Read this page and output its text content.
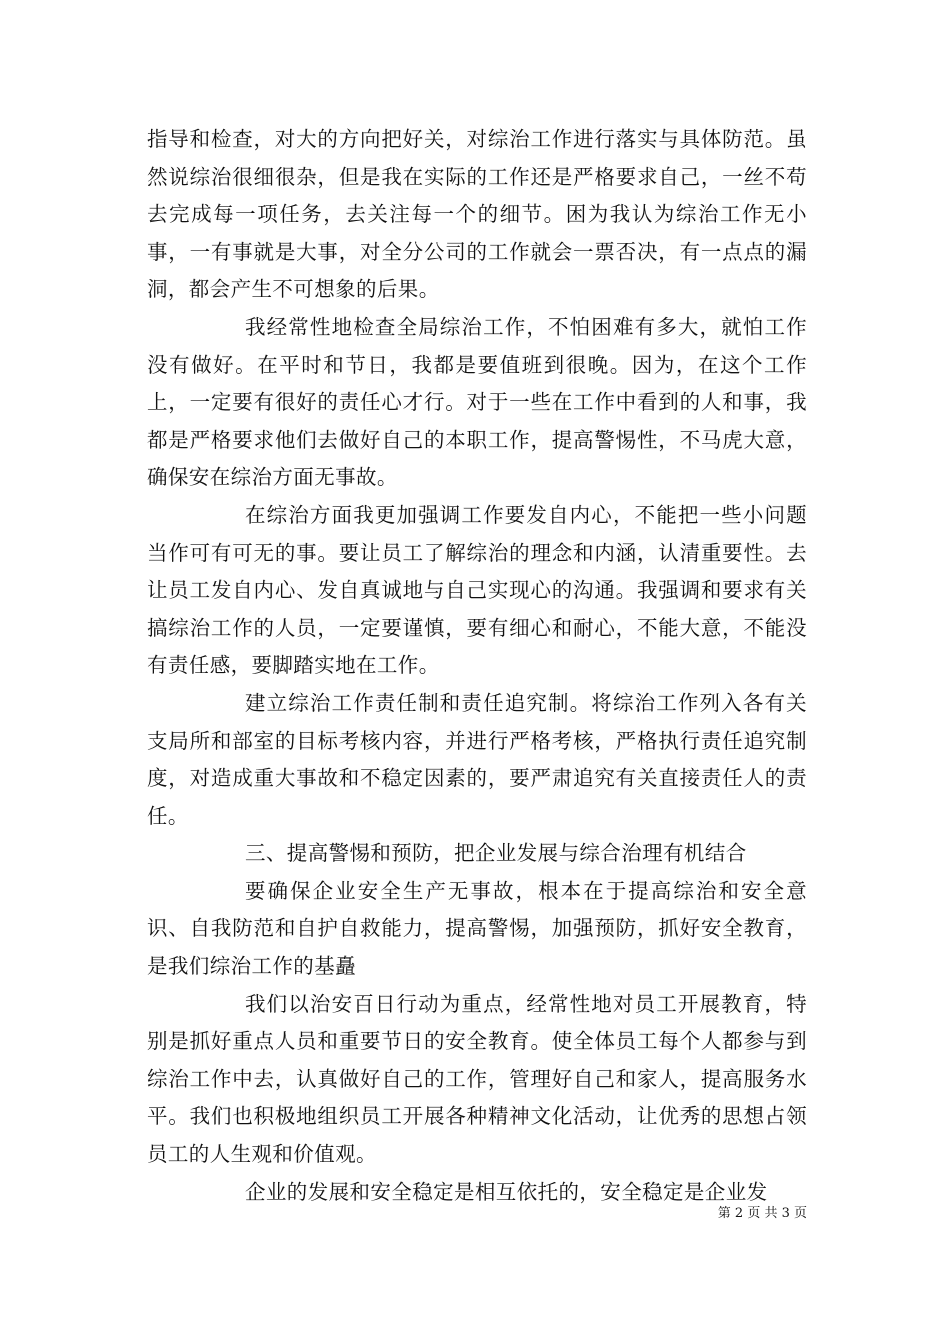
指导和检查，对大的方向把好关，对综治工作进行落实与具体防范。虽然说综治很细很杂，但是我在实际的工作还是严格要求自己，一丝不苟去完成每一项任务，去关注每一个的细节。困为我认为综治工作无小事，一有事就是大事，对全分公司的工作就会一票否决，有一点点的漏洞，都会产生不可想象的后果。

我经常性地检查全局综治工作，不怕困难有多大，就怕工作没有做好。在平时和节日，我都是要值班到很晚。因为，在这个工作上，一定要有很好的责任心才行。对于一些在工作中看到的人和事，我都是严格要求他们去做好自己的本职工作，提高警惕性，不马虎大意，确保安在综治方面无事故。

在综治方面我更加强调工作要发自内心，不能把一些小问题当作可有可无的事。要让员工了解综治的理念和内涵，认清重要性。去让员工发自内心、发自真诚地与自己实现心的沟通。我强调和要求有关搞综治工作的人员，一定要谨慎，要有细心和耐心，不能大意，不能没有责任感，要脚踏实地在工作。

建立综治工作责任制和责任追究制。将综治工作列入各有关支局所和部室的目标考核内容，并进行严格考核，严格执行责任追究制度，对造成重大事故和不稳定因素的，要严肃追究有关直接责任人的责任。

三、提高警惕和预防，把企业发展与综合治理有机结合

要确保企业安全生产无事故，根本在于提高综治和安全意识、自我防范和自护自救能力，提高警惕，加强预防，抓好安全教育，是我们综治工作的基矗

我们以治安百日行动为重点，经常性地对员工开展教育，特别是抓好重点人员和重要节日的安全教育。使全体员工每个人都参与到综治工作中去，认真做好自己的工作，管理好自己和家人，提高服务水平。我们也积极地组织员工开展各种精神文化活动，让优秀的思想占领员工的人生观和价值观。

企业的发展和安全稳定是相互依托的，安全稳定是企业发

第 2 页 共 3 页
